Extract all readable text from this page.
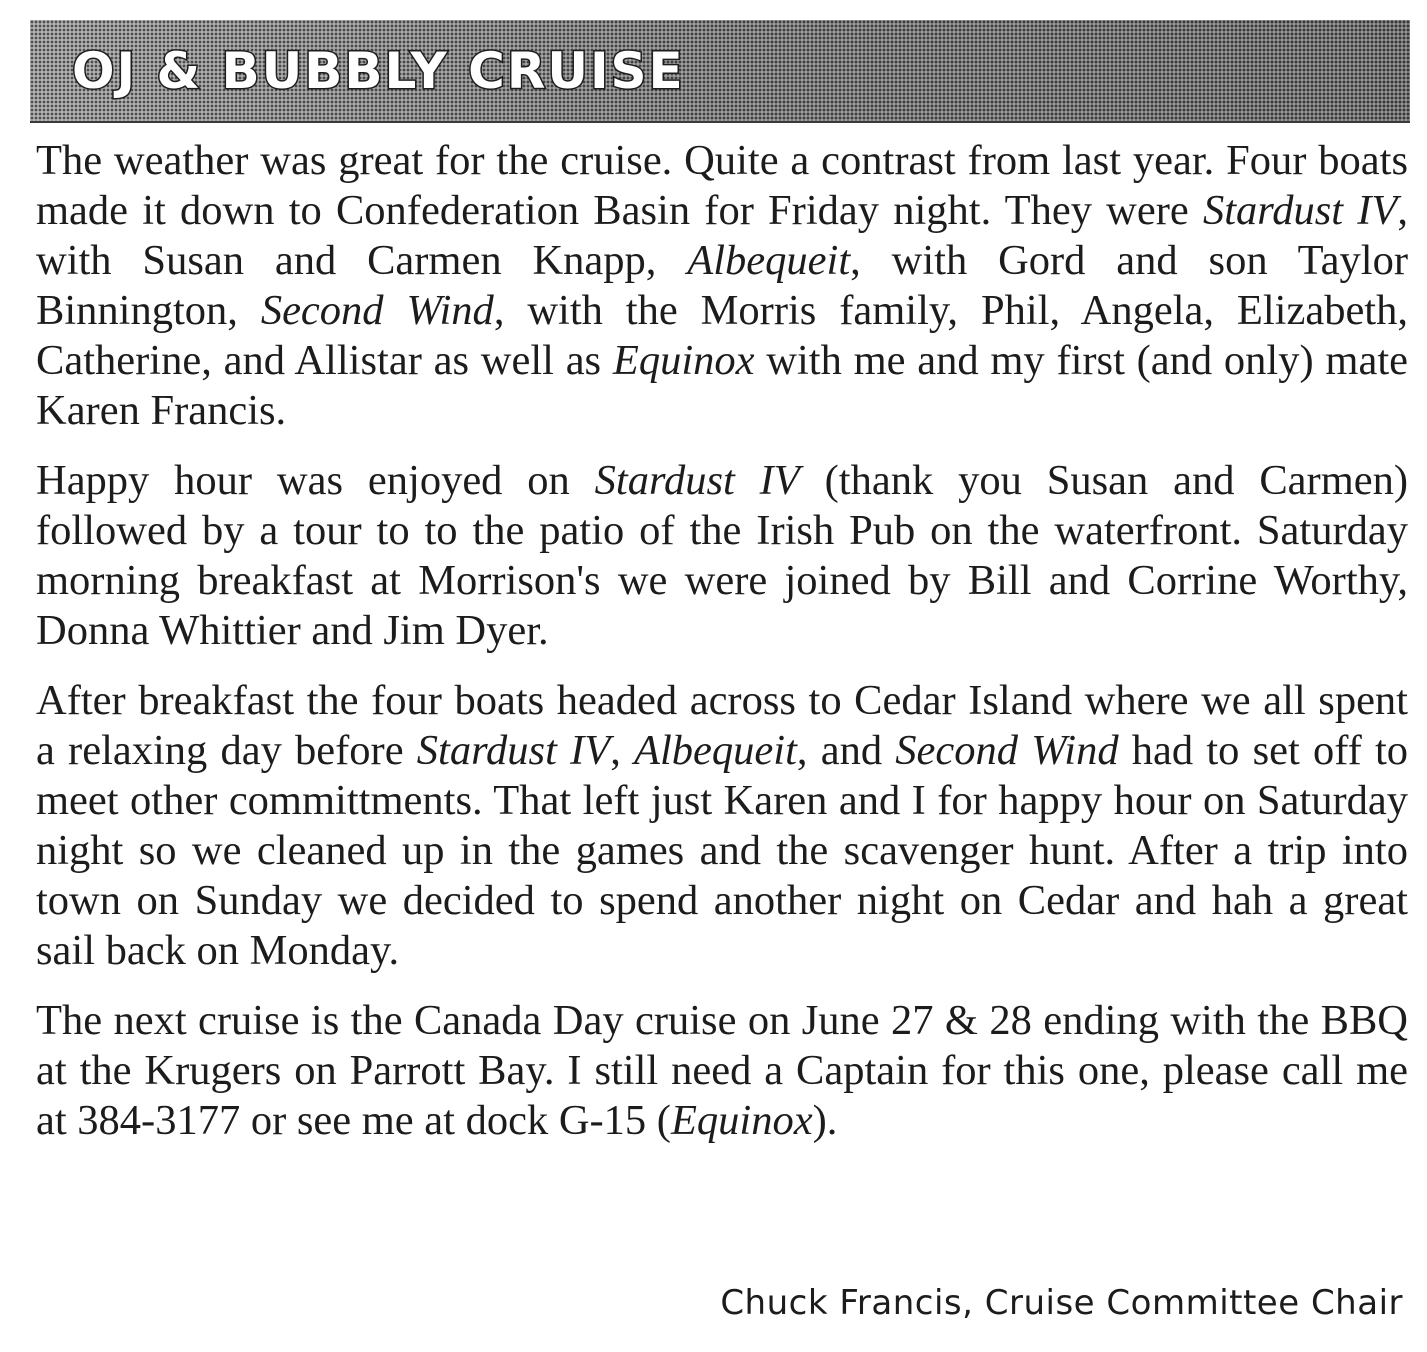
OJ & BUBBLY CRUISE

The weather was great for the cruise. Quite a contrast from last year. Four boats made it down to Confederation Basin for Friday night. They were Stardust IV, with Susan and Carmen Knapp, Albequeit, with Gord and son Taylor Binnington, Second Wind, with the Morris family, Phil, Angela, Elizabeth, Catherine, and Allistar as well as Equinox with me and my first (and only) mate Karen Francis.

Happy hour was enjoyed on Stardust IV (thank you Susan and Carmen) followed by a tour to to the patio of the Irish Pub on the waterfront. Saturday morning breakfast at Morrison's we were joined by Bill and Corrine Worthy, Donna Whittier and Jim Dyer.

After breakfast the four boats headed across to Cedar Island where we all spent a relaxing day before Stardust IV, Albequeit, and Second Wind had to set off to meet other committments. That left just Karen and I for happy hour on Saturday night so we cleaned up in the games and the scavenger hunt. After a trip into town on Sunday we decided to spend another night on Cedar and hah a great sail back on Monday.

The next cruise is the Canada Day cruise on June 27 & 28 ending with the BBQ at the Krugers on Parrott Bay. I still need a Captain for this one, please call me at 384-3177 or see me at dock G-15 (Equinox).

Chuck Francis, Cruise Committee Chair
